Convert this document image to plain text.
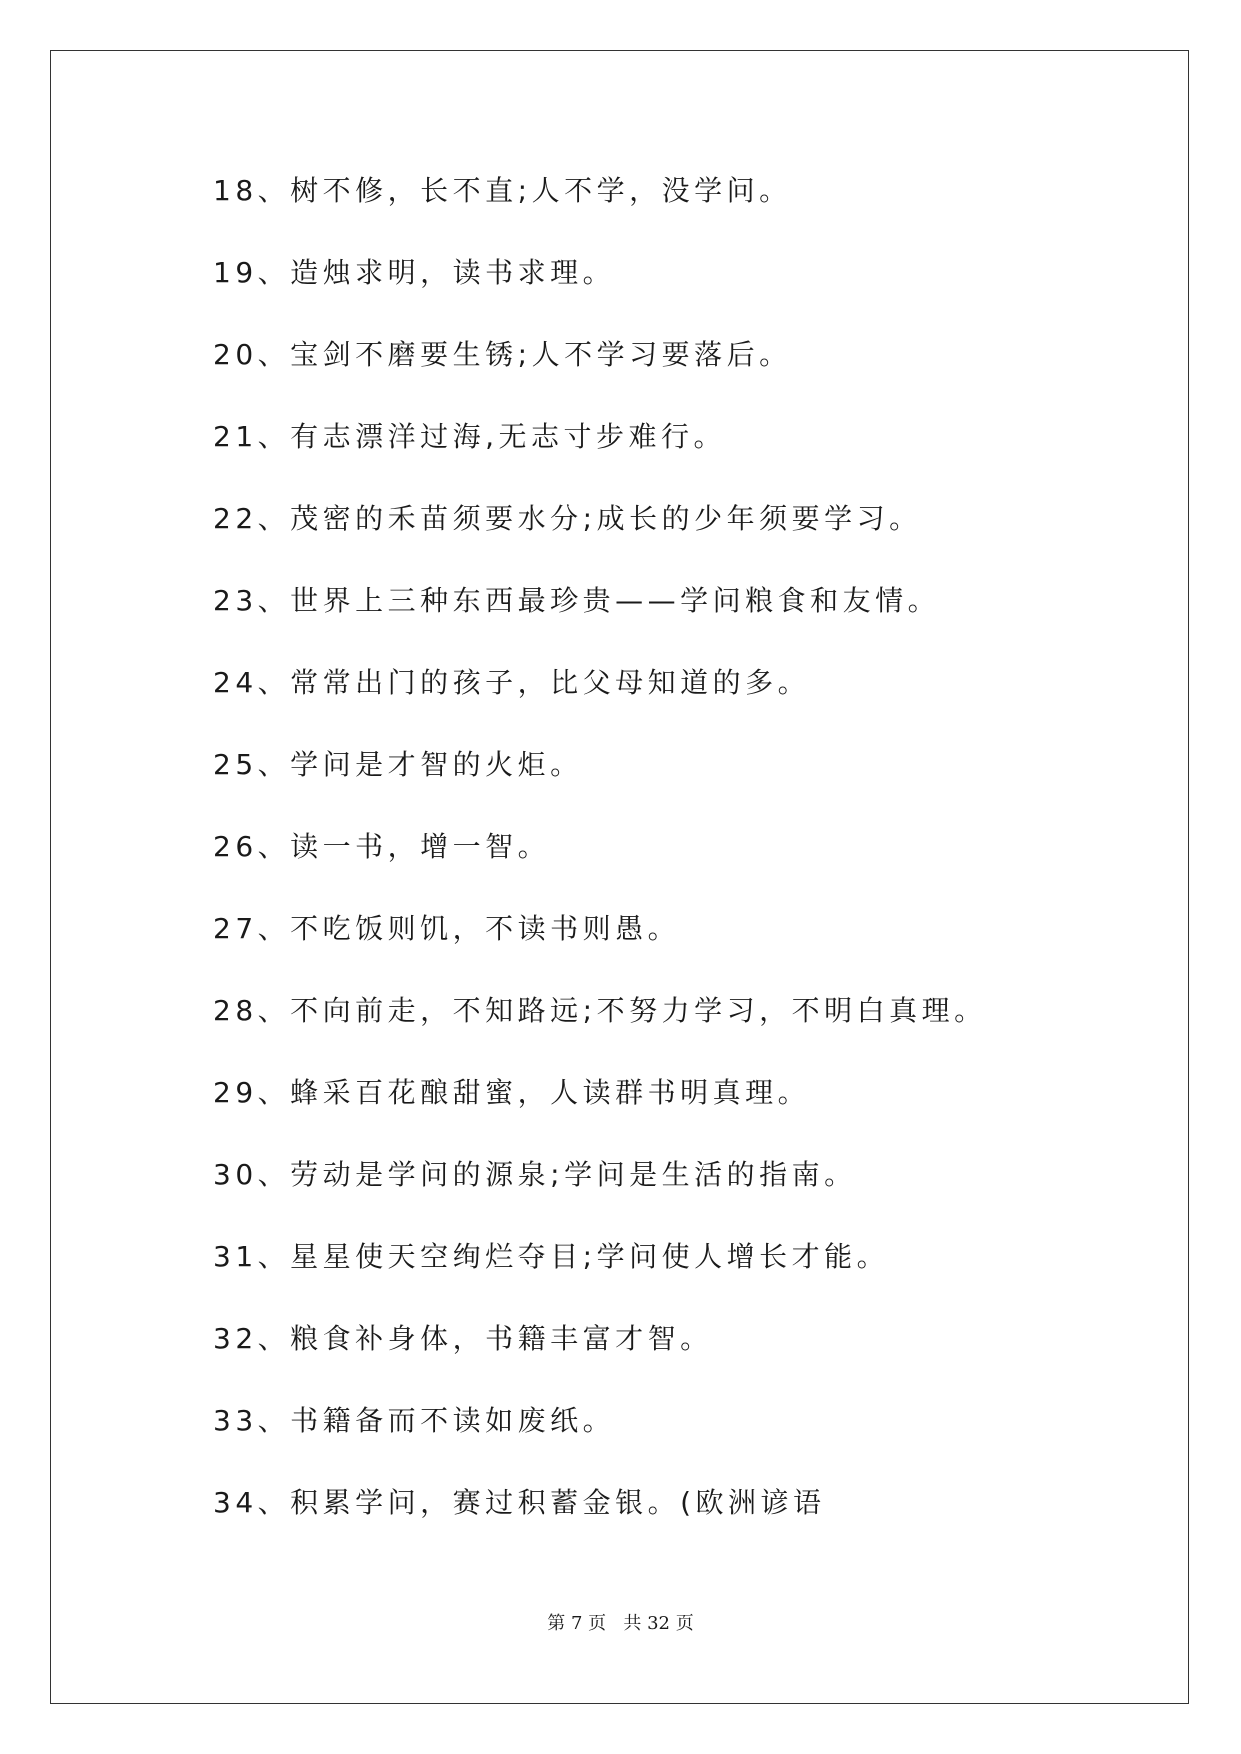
18、树不修，长不直;人不学，没学问。
19、造烛求明，读书求理。
20、宝剑不磨要生锈;人不学习要落后。
21、有志漂洋过海,无志寸步难行。
22、茂密的禾苗须要水分;成长的少年须要学习。
23、世界上三种东西最珍贵——学问粮食和友情。
24、常常出门的孩子，比父母知道的多。
25、学问是才智的火炬。
26、读一书，增一智。
27、不吃饭则饥，不读书则愚。
28、不向前走，不知路远;不努力学习，不明白真理。
29、蜂采百花酿甜蜜，人读群书明真理。
30、劳动是学问的源泉;学问是生活的指南。
31、星星使天空绚烂夺目;学问使人增长才能。
32、粮食补身体，书籍丰富才智。
33、书籍备而不读如废纸。
34、积累学问，赛过积蓄金银。(欧洲谚语
第 7 页 共 32 页
